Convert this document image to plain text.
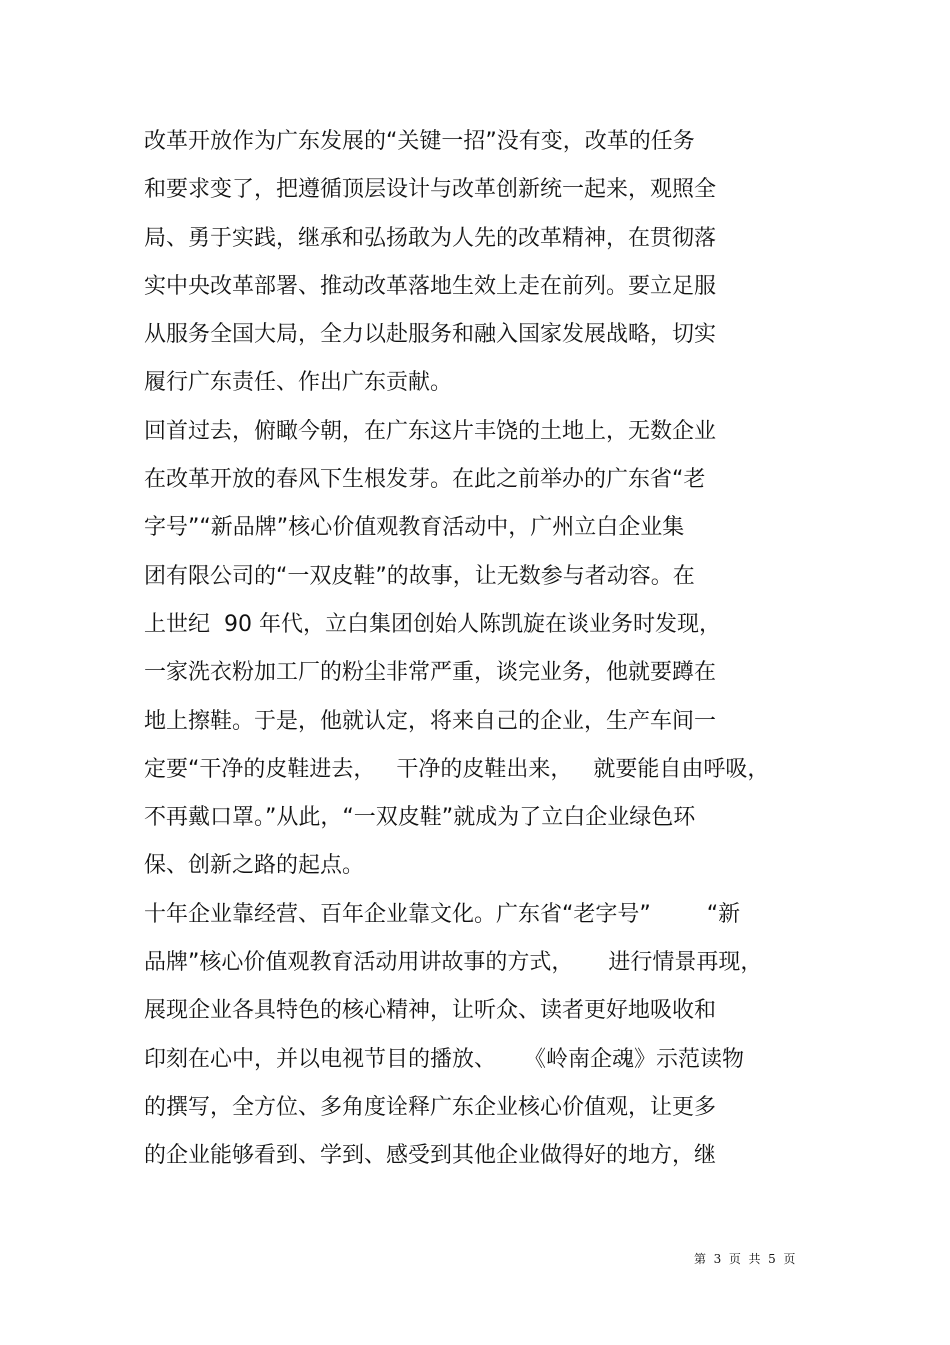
改革开放作为广东发展的“关键一招”没有变，改革的任务
和要求变了，把遵循顶层设计与改革创新统一起来，观照全
局、勇于实践，继承和弘扬敢为人先的改革精神，在贯彻落
实中央改革部署、推动改革落地生效上走在前列。要立足服
从服务全国大局，全力以赴服务和融入国家发展战略，切实
履行广东责任、作出广东贡献。
回首过去，俯瞰今朝，在广东这片丰饶的土地上，无数企业
在改革开放的春风下生根发芽。在此之前举办的广东省“老
字号”“新品牌”核心价值观教育活动中，广州立白企业集
团有限公司的“一双皮鞋”的故事，让无数参与者动容。在
上世纪  90 年代，立白集团创始人陈凯旋在谈业务时发现，
一家洗衣粉加工厂的粉尘非常严重，谈完业务，他就要蹲在
地上擦鞋。于是，他就认定，将来自己的企业，生产车间一
定要“干净的皮鞋进去，   干净的皮鞋出来，   就要能自由呼吸，
不再戴口罩。”从此，“一双皮鞋”就成为了立白企业绿色环
保、创新之路的起点。
十年企业靠经营、百年企业靠文化。广东省“老字号”        “新
品牌”核心价值观教育活动用讲故事的方式，     进行情景再现，
展现企业各具特色的核心精神，让听众、读者更好地吸收和
印刻在心中，并以电视节目的播放、    《岭南企魂》示范读物
的撰写，全方位、多角度诠释广东企业核心价值观，让更多
的企业能够看到、学到、感受到其他企业做得好的地方，继
第  3  页  共  5  页
